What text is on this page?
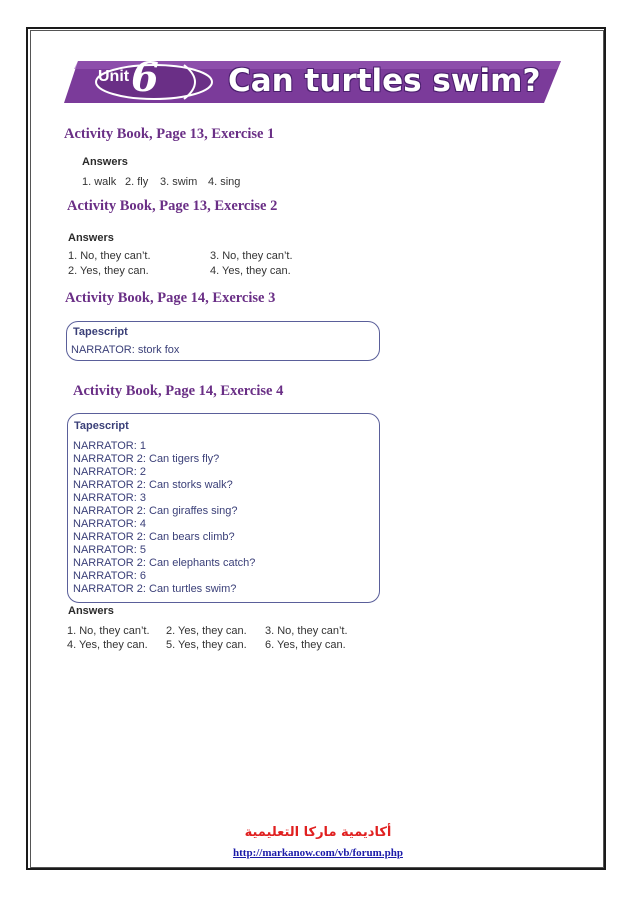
Unit 6 Can turtles swim?
Activity Book, Page 13, Exercise 1
Answers
1. walk 2. fly 3. swim 4. sing
Activity Book, Page 13, Exercise 2
Answers
1. No, they can’t.
2. Yes, they can.
3. No, they can’t.
4. Yes, they can.
Activity Book, Page 14, Exercise 3
Tapescript
NARRATOR: stork fox
Activity Book, Page 14, Exercise 4
Tapescript
NARRATOR: 1
NARRATOR 2: Can tigers fly?
NARRATOR: 2
NARRATOR 2: Can storks walk?
NARRATOR: 3
NARRATOR 2: Can giraffes sing?
NARRATOR: 4
NARRATOR 2: Can bears climb?
NARRATOR: 5
NARRATOR 2: Can elephants catch?
NARRATOR: 6
NARRATOR 2: Can turtles swim?
Answers
1. No, they can’t. 2. Yes, they can. 3. No, they can’t.
4. Yes, they can. 5. Yes, they can. 6. Yes, they can.
أكاديمية ماركا التعليمية
http://markanow.com/vb/forum.php
